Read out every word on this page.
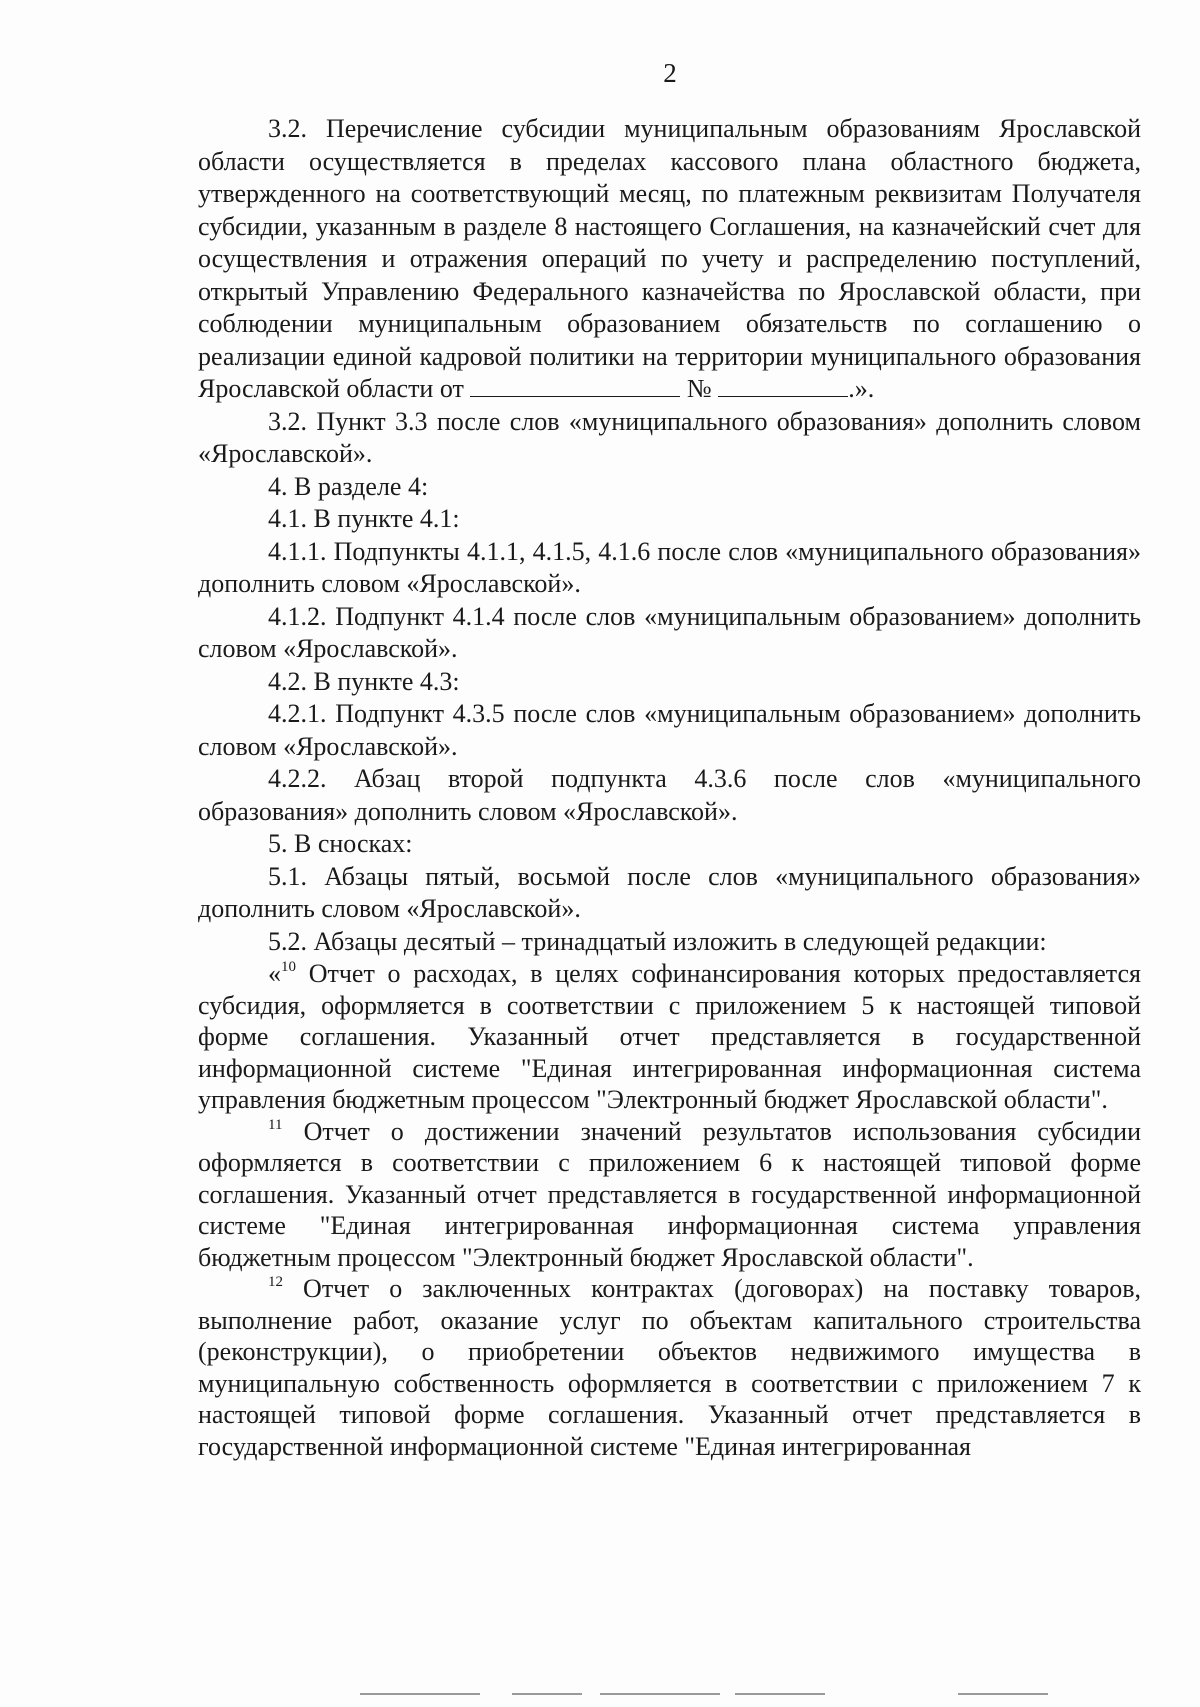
2

3.2. Перечисление субсидии муниципальным образованиям Ярославской области осуществляется в пределах кассового плана областного бюджета, утвержденного на соответствующий месяц, по платежным реквизитам Получателя субсидии, указанным в разделе 8 настоящего Соглашения, на казначейский счет для осуществления и отражения операций по учету и распределению поступлений, открытый Управлению Федерального казначейства по Ярославской области, при соблюдении муниципальным образованием обязательств по соглашению о реализации единой кадровой политики на территории муниципального образования Ярославской области от	№	.».

3.2. Пункт 3.3 после слов «муниципального образования» дополнить словом «Ярославской».

4. В разделе 4:

4.1. В пункте 4.1:

4.1.1. Подпункты 4.1.1, 4.1.5, 4.1.6 после слов «муниципального образования» дополнить словом «Ярославской».

4.1.2. Подпункт 4.1.4 после слов «муниципальным образованием» дополнить словом «Ярославской».

4.2. В пункте 4.3:

4.2.1. Подпункт 4.3.5 после слов «муниципальным образованием» дополнить словом «Ярославской».

4.2.2. Абзац второй подпункта 4.3.6 после слов «муниципального образования» дополнить словом «Ярославской».

5. В сносках:

5.1. Абзацы пятый, восьмой после слов «муниципального образования» дополнить словом «Ярославской».

5.2. Абзацы десятый – тринадцатый изложить в следующей редакции:

«$^{10}$ Отчет о расходах, в целях софинансирования которых предоставляется субсидия, оформляется в соответствии с приложением 5 к настоящей типовой форме соглашения. Указанный отчет представляется в государственной информационной системе "Единая интегрированная информационная система управления бюджетным процессом "Электронный бюджет Ярославской области".

$^{11}$ Отчет о достижении значений результатов использования субсидии оформляется в соответствии с приложением 6 к настоящей типовой форме соглашения. Указанный отчет представляется в государственной информационной системе "Единая интегрированная информационная система управления бюджетным процессом "Электронный бюджет Ярославской области".

$^{12}$ Отчет о заключенных контрактах (договорах) на поставку товаров, выполнение работ, оказание услуг по объектам капитального строительства (реконструкции), о приобретении объектов недвижимого имущества в муниципальную собственность оформляется в соответствии с приложением 7 к настоящей типовой форме соглашения. Указанный отчет представляется в государственной информационной системе "Единая интегрированная
